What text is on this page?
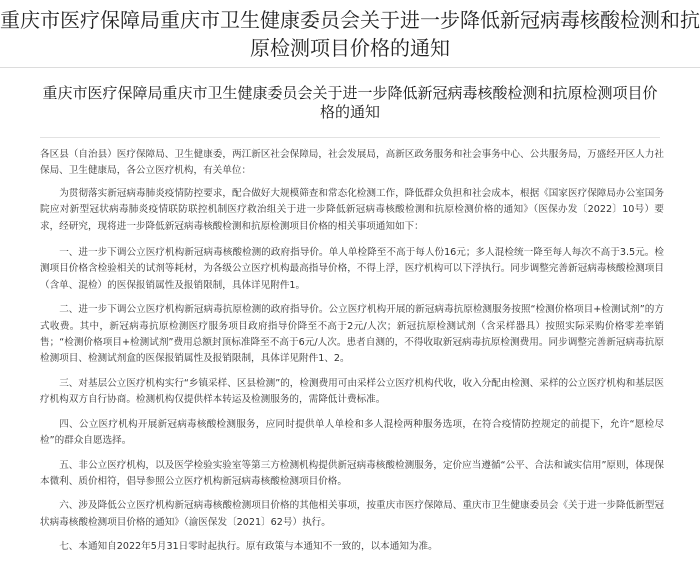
重庆市医疗保障局重庆市卫生健康委员会关于进一步降低新冠病毒核酸检测和抗原检测项目价格的通知
重庆市医疗保障局重庆市卫生健康委员会关于进一步降低新冠病毒核酸检测和抗原检测项目价格的通知

各区县（自治县）医疗保障局、卫生健康委，两江新区社会保障局，社会发展局，高新区政务服务和社会事务中心、公共服务局，万盛经开区人力社保局、卫生健康局，各公立医疗机构，有关单位：

为贯彻落实新冠病毒肺炎疫情防控要求，配合做好大规模筛查和常态化检测工作，降低群众负担和社会成本，根据《国家医疗保障局办公室国务院应对新型冠状病毒肺炎疫情联防联控机制医疗救治组关于进一步降低新冠病毒核酸检测和抗原检测价格的通知》（医保办发〔2022〕10号）要求，经研究，现将进一步降低新冠病毒核酸检测和抗原检测项目价格的相关事项通知如下：

一、进一步下调公立医疗机构新冠病毒核酸检测的政府指导价。单人单检降至不高于每人份16元；多人混检统一降至每人每次不高于3.5元。检测项目价格含检验相关的试剂等耗材，为各级公立医疗机构最高指导价格，不得上浮，医疗机构可以下浮执行。同步调整完善新冠病毒核酸检测项目（含单、混检）的医保报销属性及报销限制，具体详见附件1。

二、进一步下调公立医疗机构新冠病毒抗原检测的政府指导价。公立医疗机构开展的新冠病毒抗原检测服务按照“检测价格项目+检测试剂”的方式收费。其中，新冠病毒抗原检测医疗服务项目政府指导价降至不高于2元/人次；新冠抗原检测试剂（含采样器具）按照实际采购价格零差率销售；“检测价格项目+检测试剂”费用总额封顶标准降至不高于6元/人次。患者自测的，不得收取新冠病毒抗原检测费用。同步调整完善新冠病毒抗原检测项目、检测试剂盒的医保报销属性及报销限制，具体详见附件1、2。

三、对基层公立医疗机构实行“乡镇采样、区县检测”的，检测费用可由采样公立医疗机构代收，收入分配由检测、采样的公立医疗机构和基层医疗机构双方自行协商。检测机构仅提供样本转运及检测服务的，需降低计费标准。

四、公立医疗机构开展新冠病毒核酸检测服务，应同时提供单人单检和多人混检两种服务选项，在符合疫情防控规定的前提下，允许“愿检尽检”的群众自愿选择。

五、非公立医疗机构，以及医学检验实验室等第三方检测机构提供新冠病毒核酸检测服务，定价应当遵循“公平、合法和诚实信用”原则，体现保本微利、质价相符，倡导参照公立医疗机构新冠病毒核酸检测项目价格。

六、涉及降低公立医疗机构新冠病毒核酸检测项目价格的其他相关事项，按重庆市医疗保障局、重庆市卫生健康委员会《关于进一步降低新型冠状病毒核酸检测项目价格的通知》（渝医保发〔2021〕62号）执行。

七、本通知自2022年5月31日零时起执行。原有政策与本通知不一致的，以本通知为准。
